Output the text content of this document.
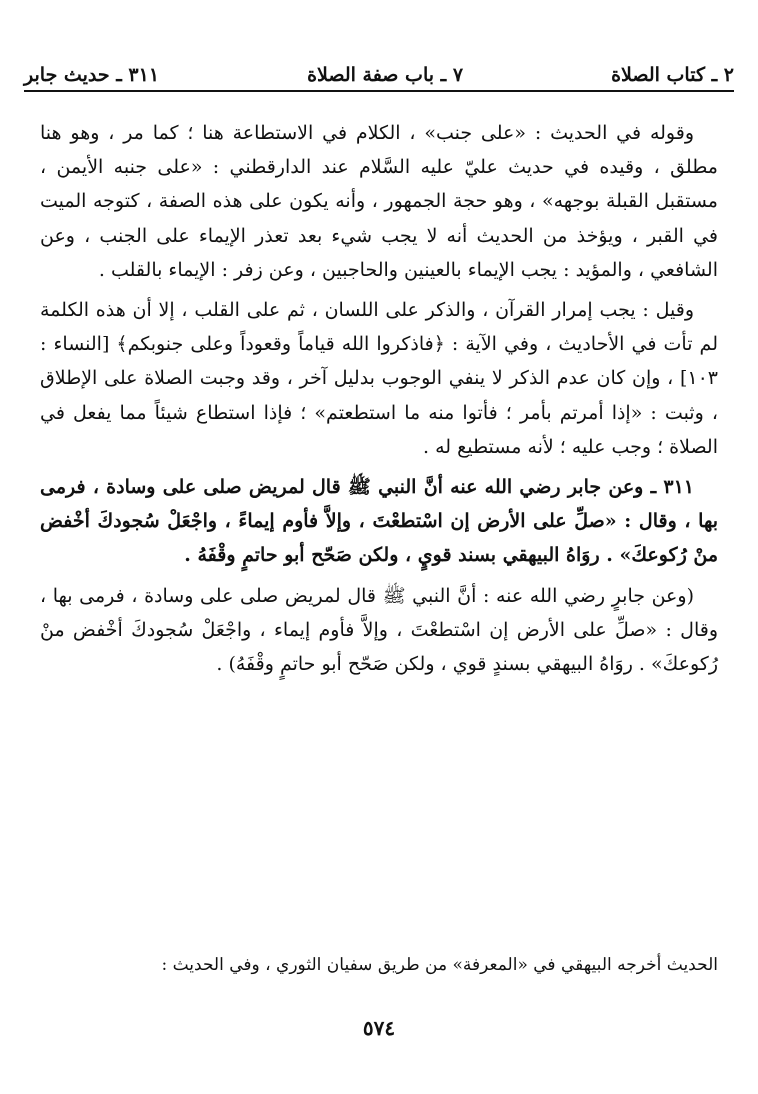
٢ ـ كتاب الصلاة
٧ ـ باب صفة الصلاة
٣١١ ـ حديث جابر

وقوله في الحديث : «على جنب» ، الكلام في الاستطاعة هنا ؛ كما مر ، وهو هنا مطلق ، وقيده في حديث عليّ عليه السَّلام عند الدارقطني : «على جنبه الأيمن ، مستقبل القبلة بوجهه» ، وهو حجة الجمهور ، وأنه يكون على هذه الصفة ، كتوجه الميت في القبر ، ويؤخذ من الحديث أنه لا يجب شيء بعد تعذر الإيماء على الجنب ، وعن الشافعي ، والمؤيد : يجب الإيماء بالعينين والحاجبين ، وعن زفر : الإيماء بالقلب .

وقيل : يجب إمرار القرآن ، والذكر على اللسان ، ثم على القلب ، إلا أن هذه الكلمة لم تأت في الأحاديث ، وفي الآية : ﴿فاذكروا الله قياماً وقعوداً وعلى جنوبكم﴾ [النساء : ١٠٣] ، وإن كان عدم الذكر لا ينفي الوجوب بدليل آخر ، وقد وجبت الصلاة على الإطلاق ، وثبت : «إذا أمرتم بأمر ؛ فأتوا منه ما استطعتم» ؛ فإذا استطاع شيئاً مما يفعل في الصلاة ؛ وجب عليه ؛ لأنه مستطيع له .

٣١١ ـ وعن جابر رضي الله عنه أنَّ النبي ﷺ قال لمريض صلى على وسادة ، فرمى بها ، وقال : «صلِّ على الأرض إن اسْتطعْتَ ، وإلاَّ فأوم إيماءً ، واجْعَلْ سُجودكَ أخْفض منْ رُكوعكَ» . روَاهُ البيهقي بسند قويٍ ، ولكن صَحّح أبو حاتمٍ وقْفَهُ .

(وعن جابرٍ رضي الله عنه : أنَّ النبي ﷺ قال لمريض صلى على وسادة ، فرمى بها ، وقال : «صلِّ على الأرض إن اسْتطعْتَ ، وإلاَّ فأوم إيماء ، واجْعَلْ سُجودكَ أخْفض منْ رُكوعكَ» . روَاهُ البيهقي بسندٍ قوي ، ولكن صَحّح أبو حاتمٍ وقْفَهُ) .

الحديث أخرجه البيهقي في «المعرفة» من طريق سفيان الثوري ، وفي الحديث :

٥٧٤
